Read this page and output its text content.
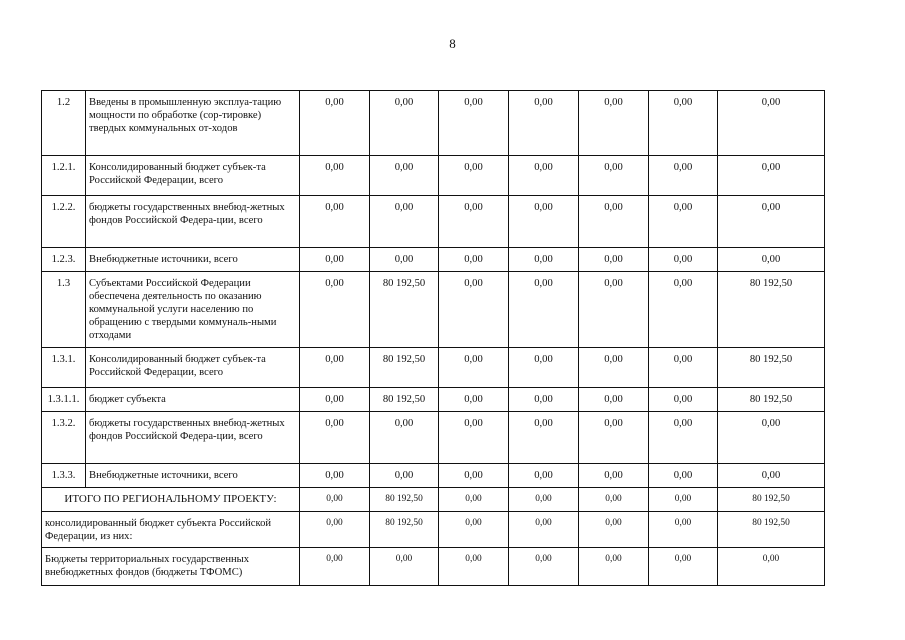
8
1.2	Введены в промышленную эксплуа-тацию мощности по обработке (сор-тировке) твердых коммунальных от-ходов	0,00	0,00	0,00	0,00	0,00	0,00	0,00
1.2.1.	Консолидированный бюджет субъек-та Российской Федерации, всего	0,00	0,00	0,00	0,00	0,00	0,00	0,00
1.2.2.	бюджеты государственных внебюд-жетных фондов Российской Федера-ции, всего	0,00	0,00	0,00	0,00	0,00	0,00	0,00
1.2.3.	Внебюджетные источники, всего	0,00	0,00	0,00	0,00	0,00	0,00	0,00
1.3	Субъектами Российской Федерации обеспечена деятельность по оказанию коммунальной услуги населению по обращению с твердыми коммуналь-ными отходами	0,00	80 192,50	0,00	0,00	0,00	0,00	80 192,50
1.3.1.	Консолидированный бюджет субъек-та Российской Федерации, всего	0,00	80 192,50	0,00	0,00	0,00	0,00	80 192,50
1.3.1.1.	бюджет субъекта	0,00	80 192,50	0,00	0,00	0,00	0,00	80 192,50
1.3.2.	бюджеты государственных внебюд-жетных фондов Российской Федера-ции, всего	0,00	0,00	0,00	0,00	0,00	0,00	0,00
1.3.3.	Внебюджетные источники, всего	0,00	0,00	0,00	0,00	0,00	0,00	0,00
ИТОГО ПО РЕГИОНАЛЬНОМУ ПРОЕКТУ:		0,00	80 192,50	0,00	0,00	0,00	0,00	80 192,50
консолидированный бюджет субъекта Российской Федерации, из них:		0,00	80 192,50	0,00	0,00	0,00	0,00	80 192,50
Бюджеты территориальных государственных внебюджетных фондов (бюджеты ТФОМС)		0,00	0,00	0,00	0,00	0,00	0,00	0,00
